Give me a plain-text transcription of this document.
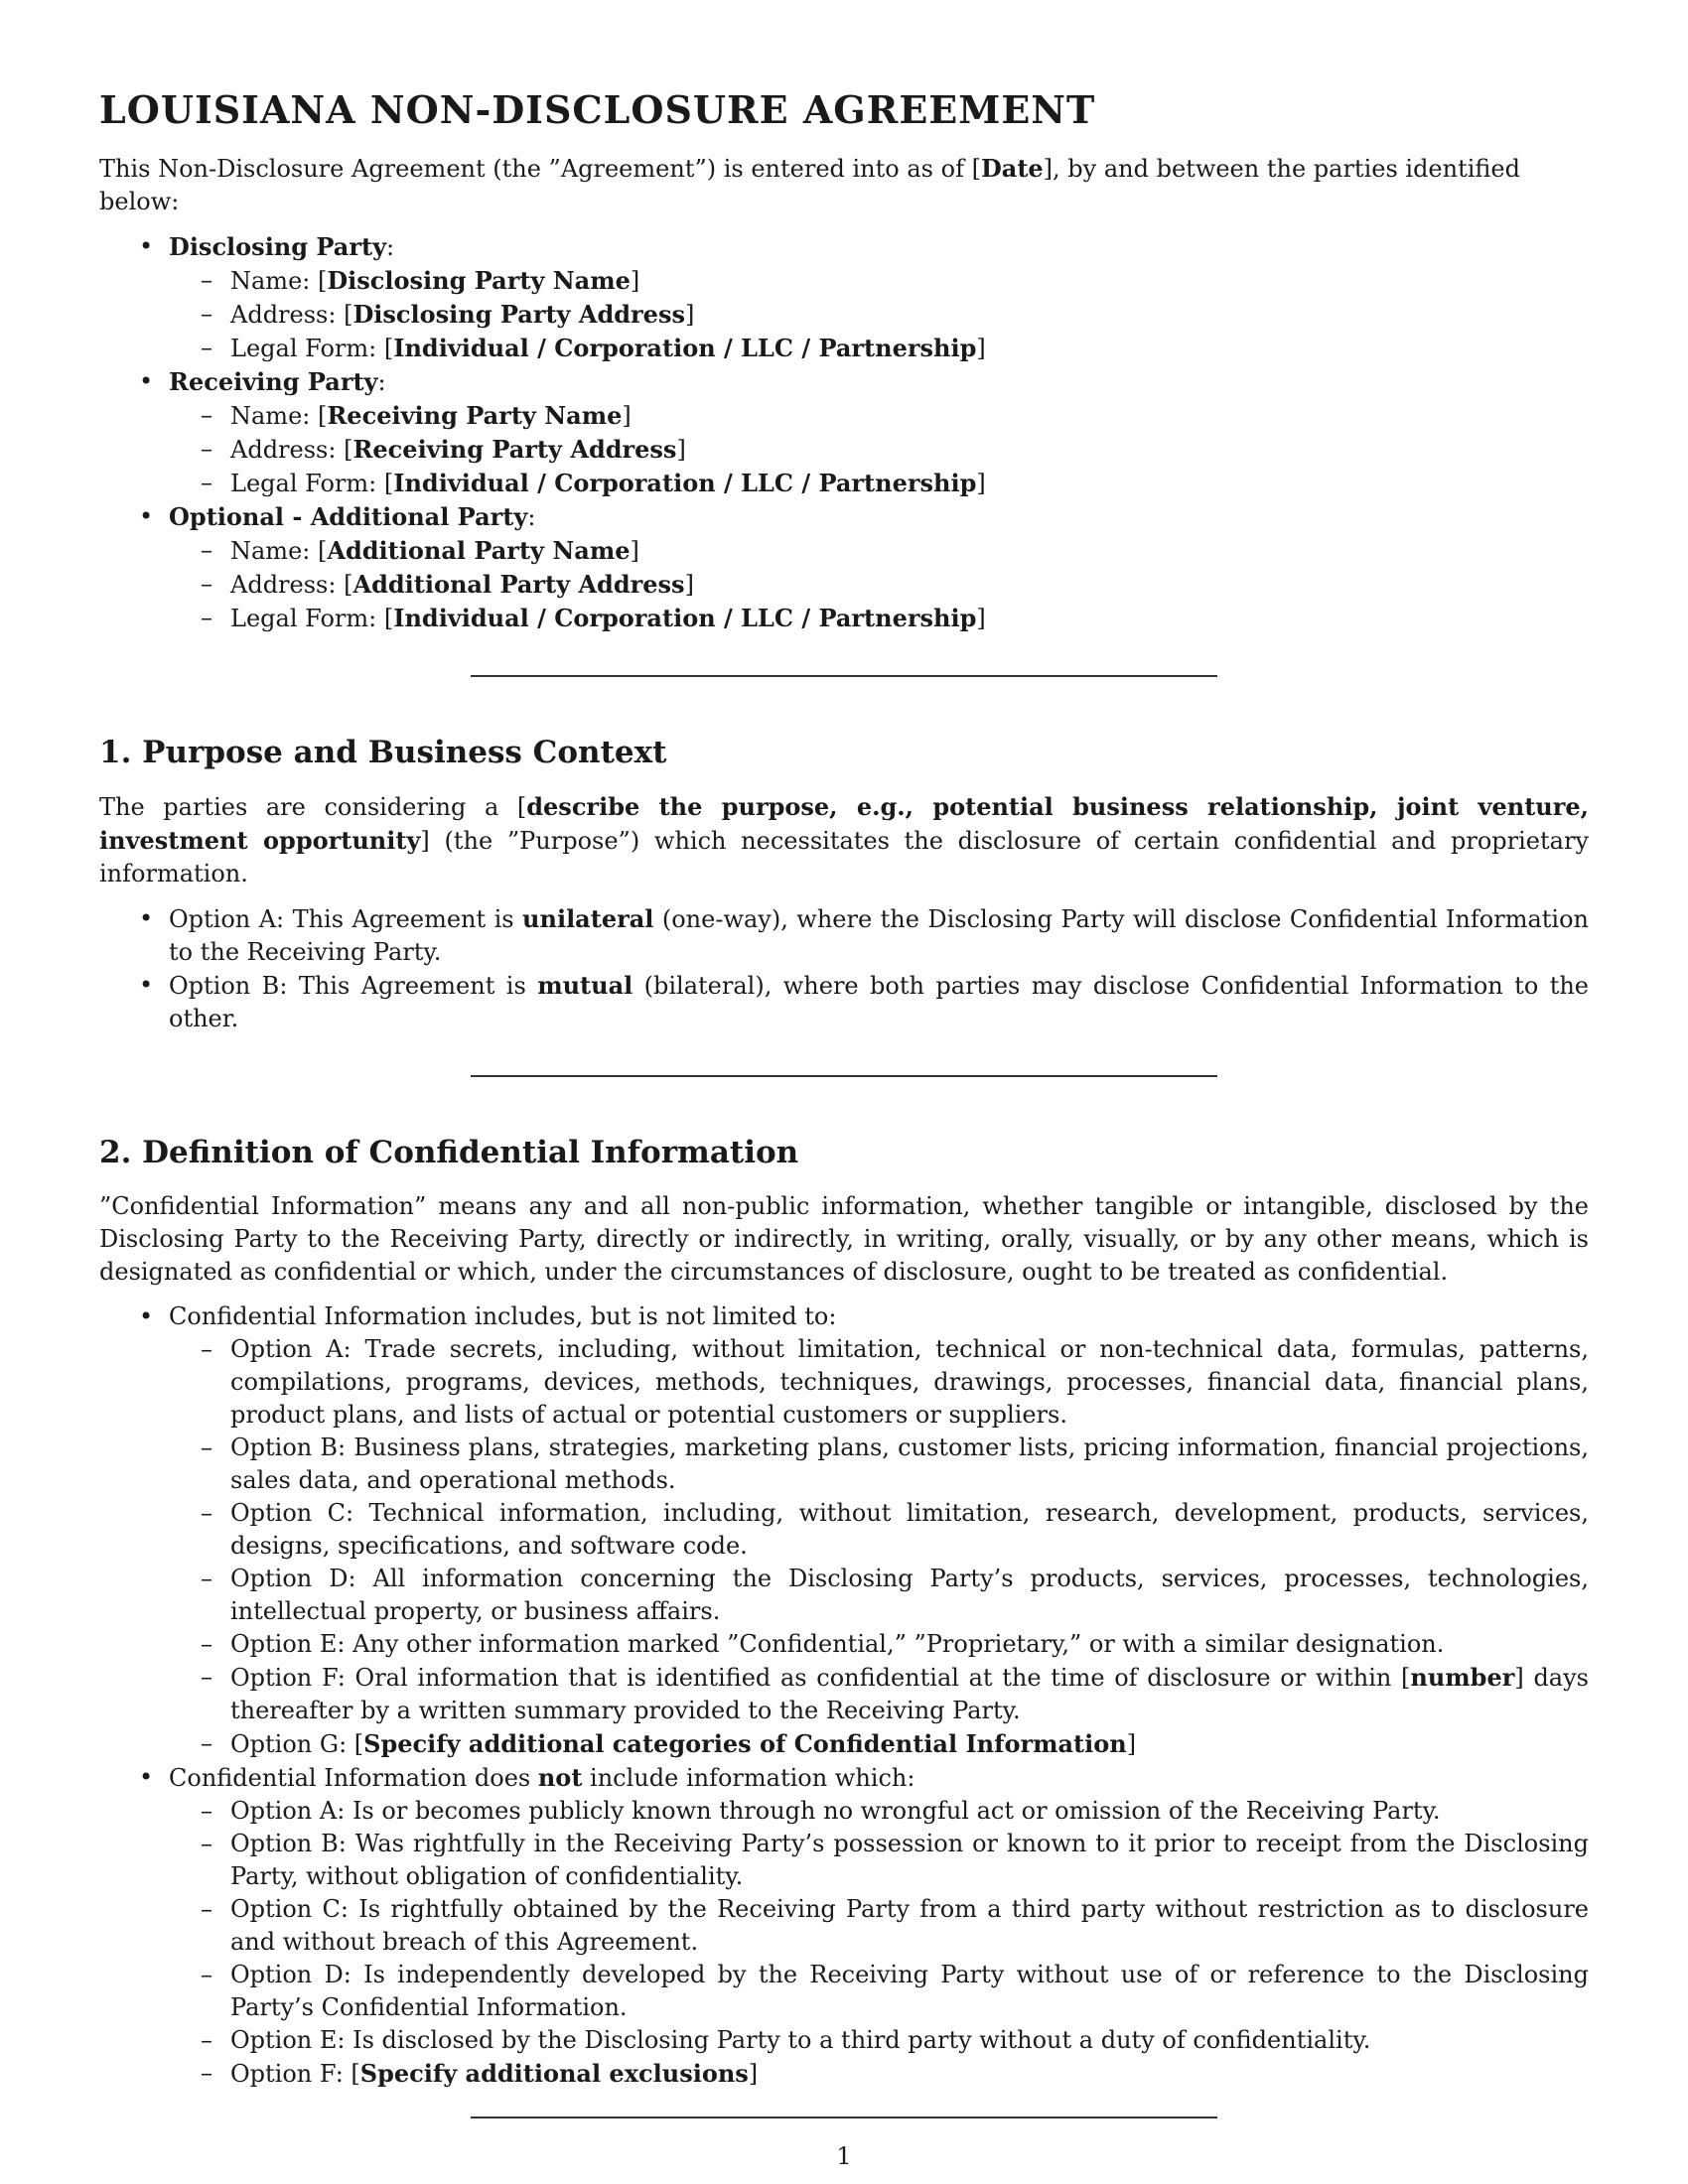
LOUISIANA NON-DISCLOSURE AGREEMENT

This Non-Disclosure Agreement (the ”Agreement”) is entered into as of [Date], by and between the parties identified below:

• Disclosing Party:
– Name: [Disclosing Party Name]
– Address: [Disclosing Party Address]
– Legal Form: [Individual / Corporation / LLC / Partnership]
• Receiving Party:
– Name: [Receiving Party Name]
– Address: [Receiving Party Address]
– Legal Form: [Individual / Corporation / LLC / Partnership]
• Optional - Additional Party:
– Name: [Additional Party Name]
– Address: [Additional Party Address]
– Legal Form: [Individual / Corporation / LLC / Partnership]
1. Purpose and Business Context

The parties are considering a [describe the purpose, e.g., potential business relationship, joint venture, investment opportunity] (the ”Purpose”) which necessitates the disclosure of certain confidential and proprietary information.

• Option A: This Agreement is unilateral (one-way), where the Disclosing Party will disclose Confidential Information to the Receiving Party.
• Option B: This Agreement is mutual (bilateral), where both parties may disclose Confidential Information to the other.
2. Definition of Confidential Information

”Confidential Information” means any and all non-public information, whether tangible or intangible, disclosed by the Disclosing Party to the Receiving Party, directly or indirectly, in writing, orally, visually, or by any other means, which is designated as confidential or which, under the circumstances of disclosure, ought to be treated as confidential.

• Confidential Information includes, but is not limited to:
– Option A: Trade secrets, including, without limitation, technical or non-technical data, formulas, patterns, compilations, programs, devices, methods, techniques, drawings, processes, financial data, financial plans, product plans, and lists of actual or potential customers or suppliers.
– Option B: Business plans, strategies, marketing plans, customer lists, pricing information, financial projections, sales data, and operational methods.
– Option C: Technical information, including, without limitation, research, development, products, services, designs, specifications, and software code.
– Option D: All information concerning the Disclosing Party’s products, services, processes, technologies, intellectual property, or business affairs.
– Option E: Any other information marked ”Confidential,” ”Proprietary,” or with a similar designation.
– Option F: Oral information that is identified as confidential at the time of disclosure or within [number] days thereafter by a written summary provided to the Receiving Party.
– Option G: [Specify additional categories of Confidential Information]
• Confidential Information does not include information which:
– Option A: Is or becomes publicly known through no wrongful act or omission of the Receiving Party.
– Option B: Was rightfully in the Receiving Party’s possession or known to it prior to receipt from the Disclosing Party, without obligation of confidentiality.
– Option C: Is rightfully obtained by the Receiving Party from a third party without restriction as to disclosure and without breach of this Agreement.
– Option D: Is independently developed by the Receiving Party without use of or reference to the Disclosing Party’s Confidential Information.
– Option E: Is disclosed by the Disclosing Party to a third party without a duty of confidentiality.
– Option F: [Specify additional exclusions]
1
